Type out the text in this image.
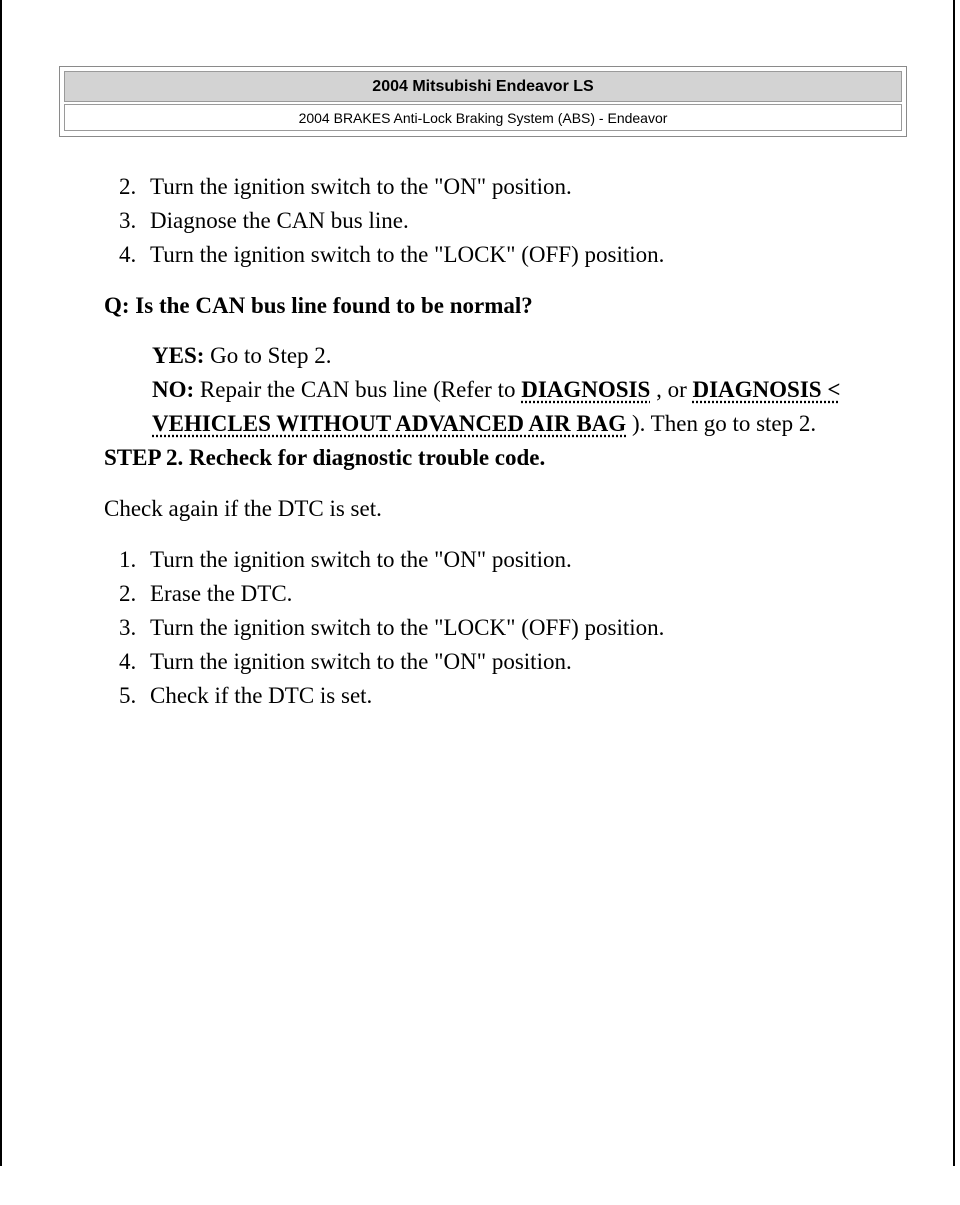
2004 Mitsubishi Endeavor LS
2004 BRAKES Anti-Lock Braking System (ABS) - Endeavor
2. Turn the ignition switch to the "ON" position.
3. Diagnose the CAN bus line.
4. Turn the ignition switch to the "LOCK" (OFF) position.
Q: Is the CAN bus line found to be normal?
YES: Go to Step 2.
NO: Repair the CAN bus line (Refer to DIAGNOSIS , or DIAGNOSIS <
VEHICLES WITHOUT ADVANCED AIR BAG ). Then go to step 2.
STEP 2. Recheck for diagnostic trouble code.
Check again if the DTC is set.
1. Turn the ignition switch to the "ON" position.
2. Erase the DTC.
3. Turn the ignition switch to the "LOCK" (OFF) position.
4. Turn the ignition switch to the "ON" position.
5. Check if the DTC is set.
